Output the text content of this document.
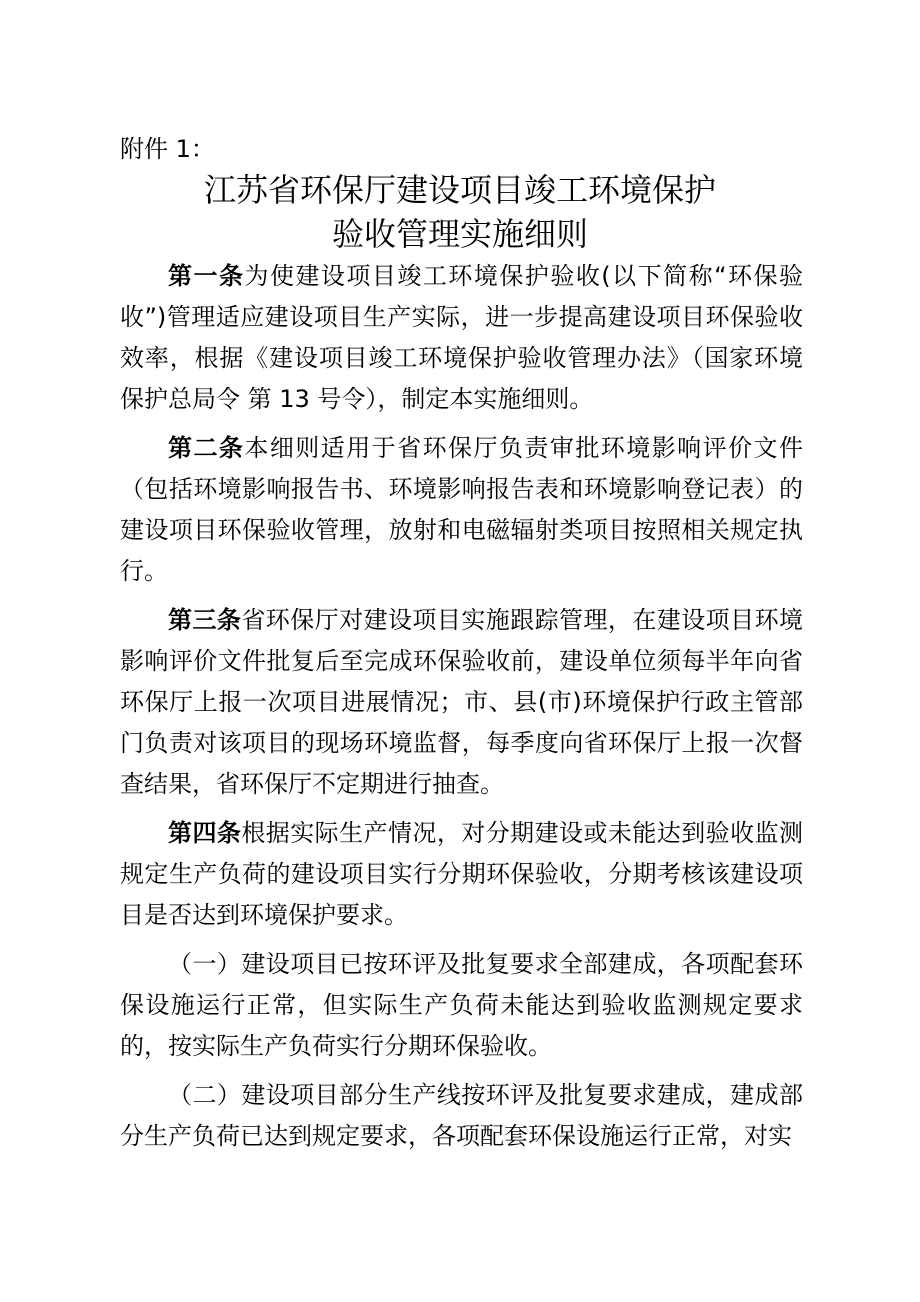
附件 1：
江苏省环保厅建设项目竣工环境保护
验收管理实施细则

第一条为使建设项目竣工环境保护验收(以下简称“环保验收”)管理适应建设项目生产实际，进一步提高建设项目环保验收效率，根据《建设项目竣工环境保护验收管理办法》（国家环境保护总局令 第 13 号令），制定本实施细则。

第二条本细则适用于省环保厅负责审批环境影响评价文件（包括环境影响报告书、环境影响报告表和环境影响登记表）的建设项目环保验收管理，放射和电磁辐射类项目按照相关规定执行。

第三条省环保厅对建设项目实施跟踪管理，在建设项目环境影响评价文件批复后至完成环保验收前，建设单位须每半年向省环保厅上报一次项目进展情况；市、县(市)环境保护行政主管部门负责对该项目的现场环境监督，每季度向省环保厅上报一次督查结果，省环保厅不定期进行抽查。

第四条根据实际生产情况，对分期建设或未能达到验收监测规定生产负荷的建设项目实行分期环保验收，分期考核该建设项目是否达到环境保护要求。

（一）建设项目已按环评及批复要求全部建成，各项配套环保设施运行正常，但实际生产负荷未能达到验收监测规定要求的，按实际生产负荷实行分期环保验收。

（二）建设项目部分生产线按环评及批复要求建成，建成部分生产负荷已达到规定要求，各项配套环保设施运行正常，对实
